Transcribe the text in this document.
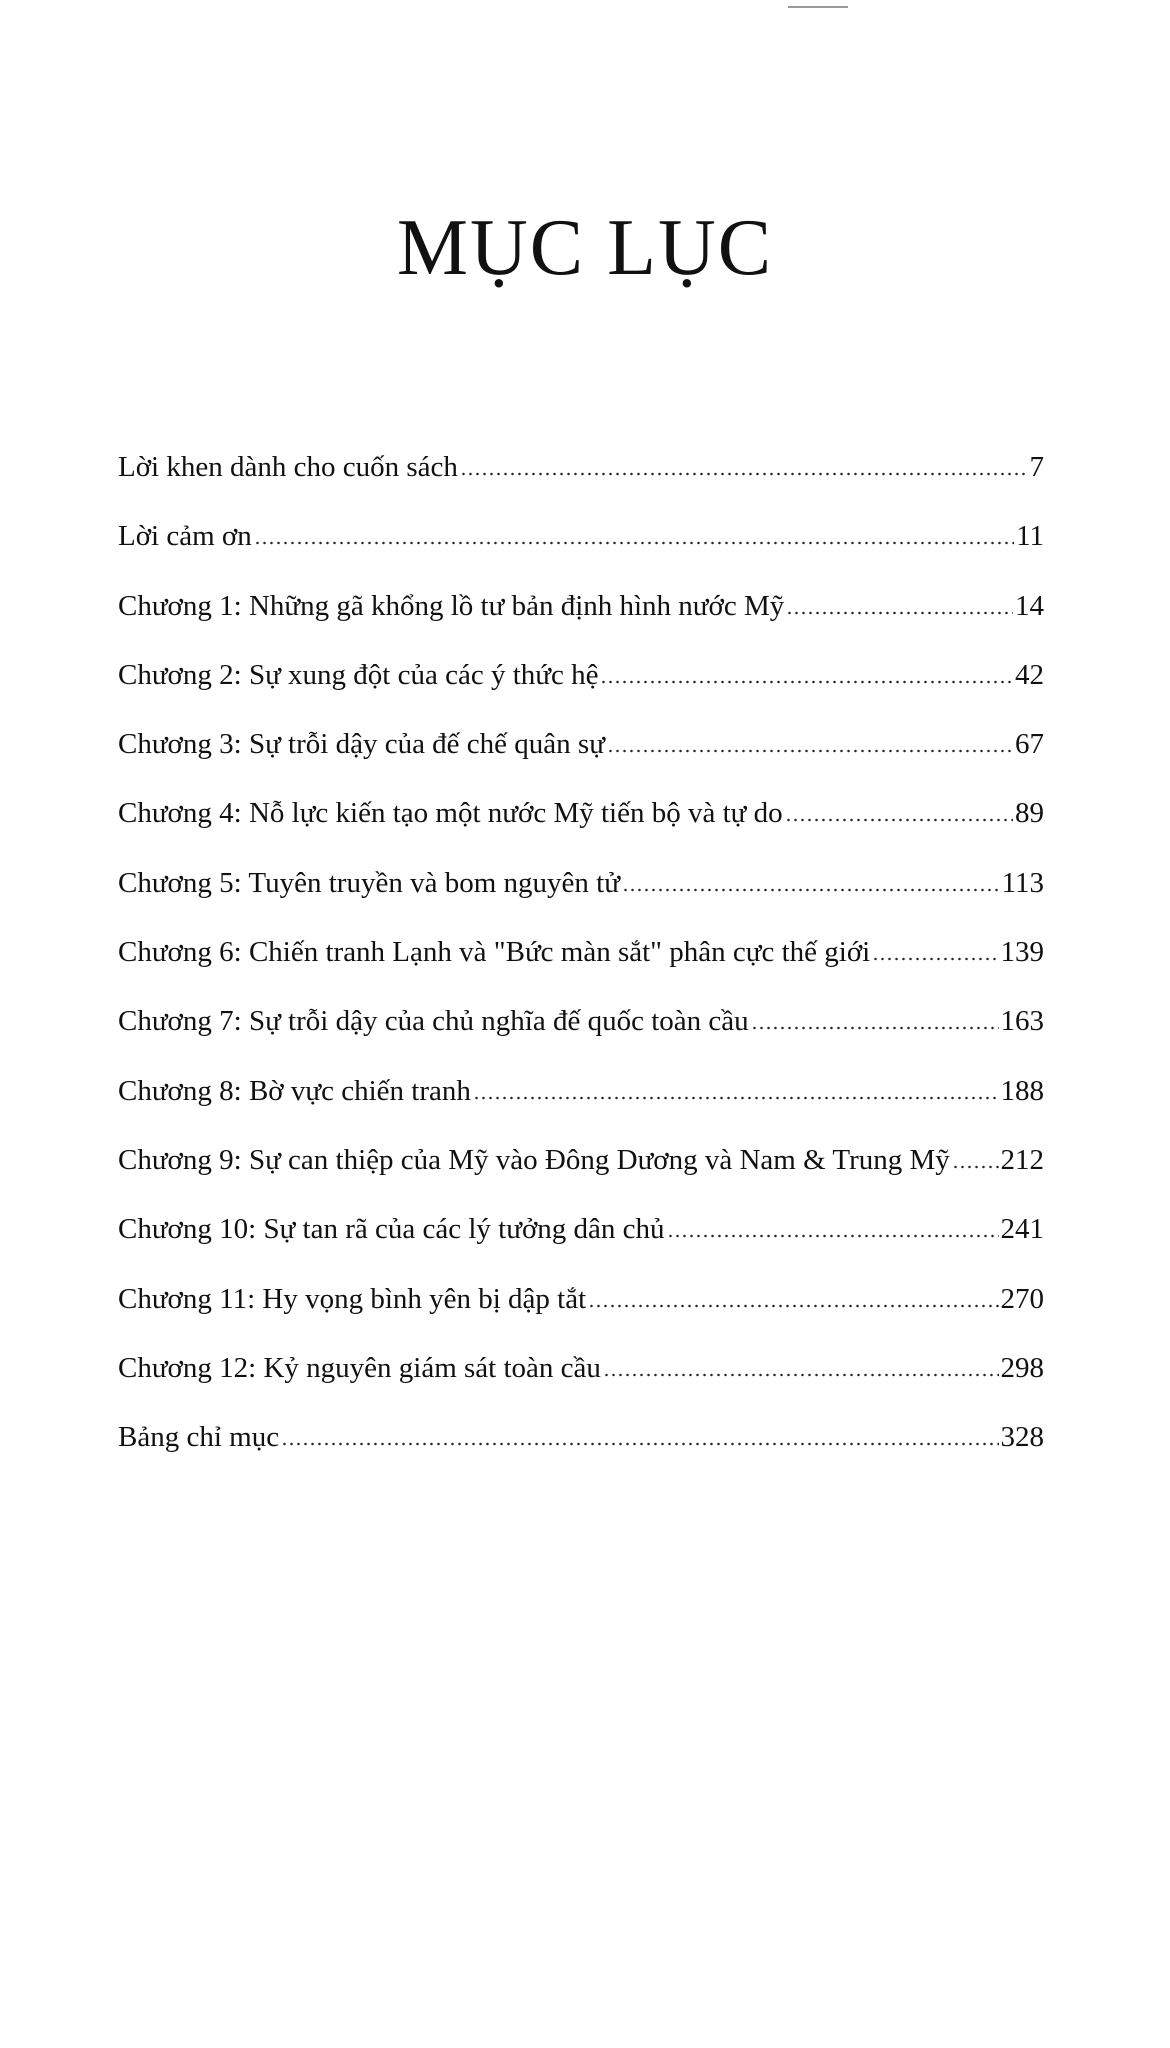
MỤC LỤC
Lời khen dành cho cuốn sách	7
Lời cảm ơn	11
Chương 1: Những gã khổng lồ tư bản định hình nước Mỹ	14
Chương 2: Sự xung đột của các ý thức hệ	42
Chương 3: Sự trỗi dậy của đế chế quân sự	67
Chương 4: Nỗ lực kiến tạo một nước Mỹ tiến bộ và tự do	89
Chương 5: Tuyên truyền và bom nguyên tử	113
Chương 6: Chiến tranh Lạnh và "Bức màn sắt" phân cực thế giới	139
Chương 7: Sự trỗi dậy của chủ nghĩa đế quốc toàn cầu	163
Chương 8: Bờ vực chiến tranh	188
Chương 9: Sự can thiệp của Mỹ vào Đông Dương và Nam & Trung Mỹ 212
Chương 10: Sự tan rã của các lý tưởng dân chủ	241
Chương 11: Hy vọng bình yên bị dập tắt	270
Chương 12: Kỷ nguyên giám sát toàn cầu	298
Bảng chỉ mục	328
